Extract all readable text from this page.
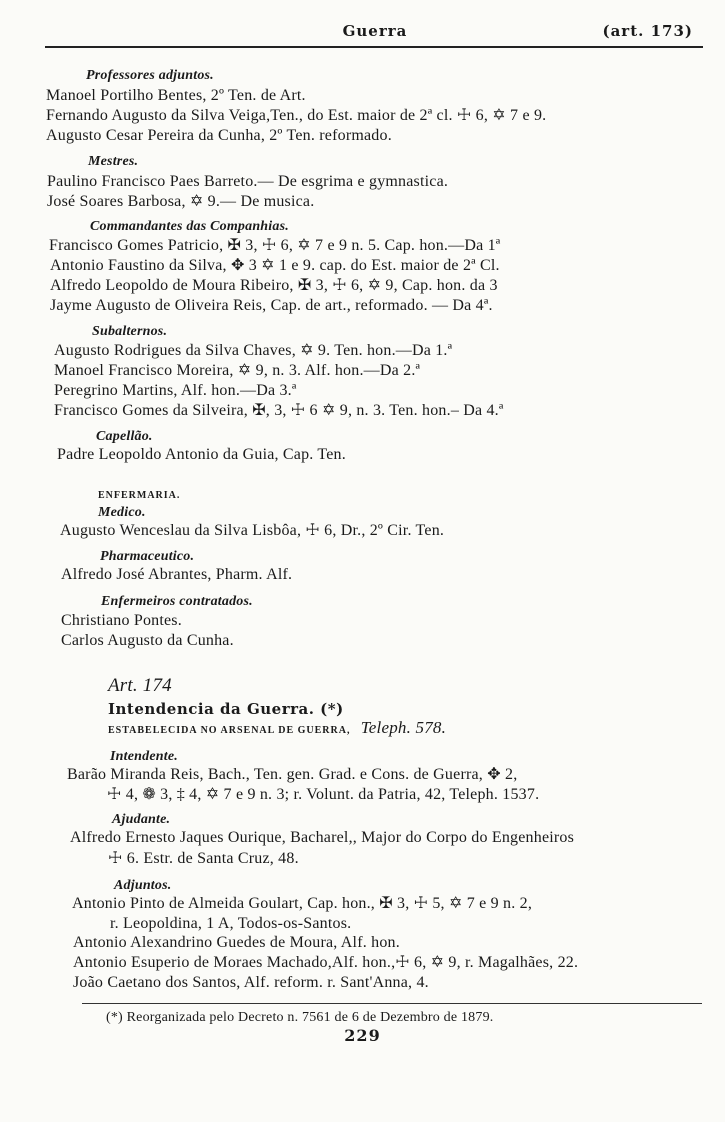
Guerra	(art. 173)
Professores adjuntos.
Manoel Portilho Bentes, 2º Ten. de Art.
Fernando Augusto da Silva Veiga,Ten., do Est. maior de 2ª cl. ☩ 6, ✡ 7 e 9.
Augusto Cesar Pereira da Cunha, 2º Ten. reformado.
Mestres.
Paulino Francisco Paes Barreto.— De esgrima e gymnastica.
José Soares Barbosa, ✡ 9.— De musica.
Commandantes das Companhias.
Francisco Gomes Patricio, ✠ 3, ☩ 6, ✡ 7 e 9 n. 5. Cap. hon.—Da 1ª
Antonio Faustino da Silva, ✥ 3 ✡ 1 e 9. cap. do Est. maior de 2ª Cl.
Alfredo Leopoldo de Moura Ribeiro, ✠ 3, ☩ 6, ✡ 9, Cap. hon. da 3
Jayme Augusto de Oliveira Reis, Cap. de art., reformado. — Da 4ª.
Subalternos.
Augusto Rodrigues da Silva Chaves, ✡ 9. Ten. hon.—Da 1.ª
Manoel Francisco Moreira, ✡ 9, n. 3. Alf. hon.—Da 2.ª
Peregrino Martins, Alf. hon.—Da 3.ª
Francisco Gomes da Silveira, ✠, 3, ☩ 6 ✡ 9, n. 3. Ten. hon.– Da 4.ª
Capellão.
Padre Leopoldo Antonio da Guia, Cap. Ten.
ENFERMARIA.
Medico.
Augusto Wenceslau da Silva Lisbôa, ☩ 6, Dr., 2º Cir. Ten.
Pharmaceutico.
Alfredo José Abrantes, Pharm. Alf.
Enfermeiros contratados.
Christiano Pontes.
Carlos Augusto da Cunha.
Art. 174
Intendencia da Guerra. (*)
ESTABELECIDA NO ARSENAL DE GUERRA, Teleph. 578.
Intendente.
Barão Miranda Reis, Bach., Ten. gen. Grad. e Cons. de Guerra, ✥ 2,
☩ 4, ❁ 3, ‡ 4, ✡ 7 e 9 n. 3; r. Volunt. da Patria, 42, Teleph. 1537.
Ajudante.
Alfredo Ernesto Jaques Ourique, Bacharel,, Major do Corpo do Engenheiros
☩ 6. Estr. de Santa Cruz, 48.
Adjuntos.
Antonio Pinto de Almeida Goulart, Cap. hon., ✠ 3, ☩ 5, ✡ 7 e 9 n. 2,
r. Leopoldina, 1 A, Todos-os-Santos.
Antonio Alexandrino Guedes de Moura, Alf. hon.
Antonio Esuperio de Moraes Machado,Alf. hon.,☩ 6, ✡ 9, r. Magalhães, 22.
João Caetano dos Santos, Alf. reform. r. Sant'Anna, 4.
(*) Reorganizada pelo Decreto n. 7561 de 6 de Dezembro de 1879.
229
